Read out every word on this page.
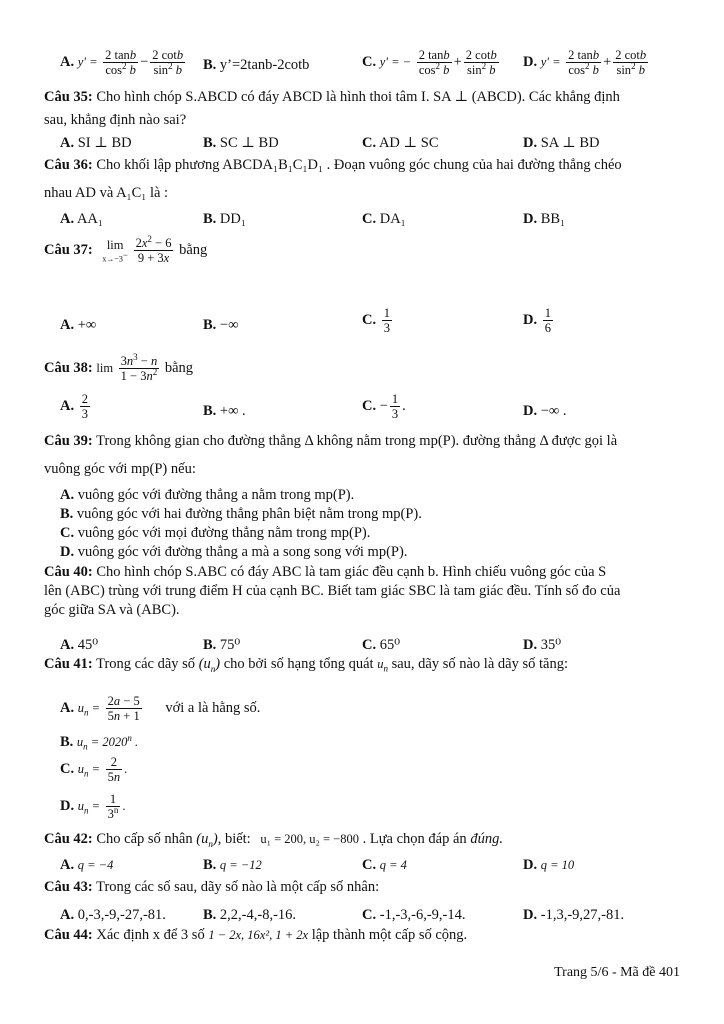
A. $y' = \frac{2 \tan b}{\cos^2 b} - \frac{2 \cot b}{\sin^2 b} B$. y’=2tanb-2cotb	C. y' = − $\frac{2 \tan b}{\cos^2 b} + \frac{2 \cot b}{\sin^2 b} D$. $y' = \frac{2 \tan b}{\cos^2 b} + \frac{2 \cot b}{\sin^2 b}$
Câu 35: Cho hình chóp S.ABCD có đáy ABCD là hình thoi tâm I. SA ⊥ (ABCD). Các khẳng định
sau, khẳng định nào sai?
A. SI ⊥ BD	B. SC ⊥ BD	C. AD ⊥ SC	D. SA ⊥ BD
Câu 36: Cho khối lập phương ABCDA₁B₁C₁D₁ . Đoạn vuông góc chung của hai đường thẳng chéo
nhau AD và A₁C₁ là :
A. AA₁	B. DD₁	C. DA₁	D. BB₁
Câu 37: lim
x→−3−
$\frac{2x^2 - 6}{9 + 3x}$ bằng
A. +∞	B. −∞	C. $\frac{1}{3}$	D. $\frac{1}{6}$
Câu 38: $\lim \frac{3n^3 - n}{1 - 3n^2}$ bằng
A. $\frac{2}{3}$	B. +∞ .	C. − $\frac{1}{3}$ .	D. −∞ .
Câu 39: Trong không gian cho đường thẳng Δ không nằm trong mp(P). đường thẳng Δ được gọi là
vuông góc với mp(P) nếu:
A. vuông góc với đường thẳng a nằm trong mp(P).
B. vuông góc với hai đường thẳng phân biệt nằm trong mp(P).
C. vuông góc với mọi đường thẳng nằm trong mp(P).
D. vuông góc với đường thẳng a mà a song song với mp(P).
Câu 40: Cho hình chóp S.ABC có đáy ABC là tam giác đều cạnh b. Hình chiếu vuông góc của S
lên (ABC) trùng với trung điểm H của cạnh BC. Biết tam giác SBC là tam giác đều. Tính số đo của
góc giữa SA và (ABC).
A. 45⁰	B. 75⁰	C. 65⁰	D. 35⁰
Câu 41: Trong các dãy số $(u_n)$ cho bởi số hạng tổng quát $u_n$ sau, dãy số nào là dãy số tăng:
A. $u_n = \frac{2a - 5}{5n + 1}$ với a là hằng số.
B. $u_n = 2020^n$ .
C. $u_n = \frac{2}{5n}$ .
D. $u_n = \frac{1}{3^n}$ .
Câu 42: Cho cấp số nhân $(u_n)$, biết: u₁ = 200, u₂ = −800 . Lựa chọn đáp án đúng.
A. q = −4	B. q = −12	C. q = 4	D. q = 10
Câu 43: Trong các số sau, dãy số nào là một cấp số nhân:
A. 0,-3,-9,-27,-81.	B. 2,2,-4,-8,-16.	C. -1,-3,-6,-9,-14.	D. -1,3,-9,27,-81.
Câu 44: Xác định x để 3 số 1 − 2x, 16x², 1 + 2x lập thành một cấp số cộng.
Trang 5/6 - Mã đề 401
